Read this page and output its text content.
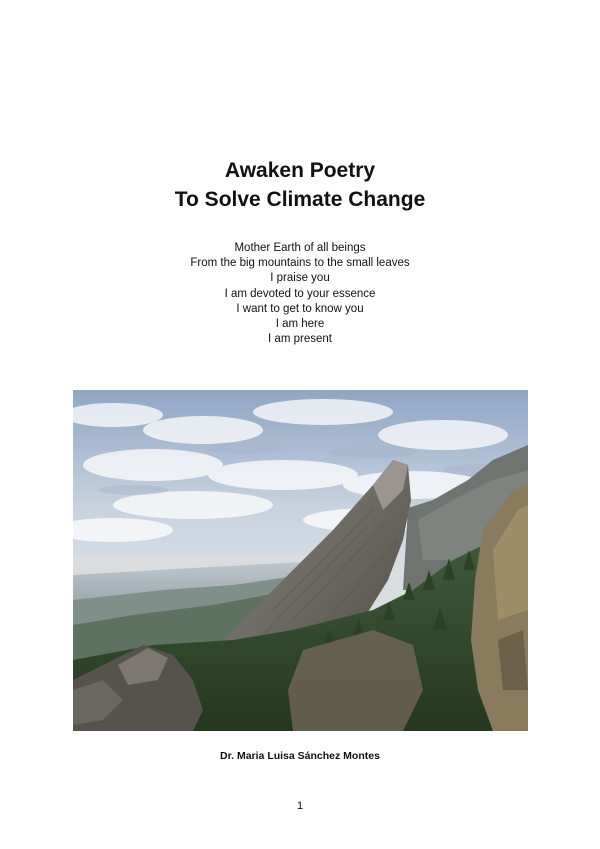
Awaken Poetry
To Solve Climate Change
Mother Earth of all beings
From the big mountains to the small leaves
I praise you
I am devoted to your essence
I want to get to know you
I am here
I am present
Dr. Maria Luisa Sánchez Montes
1
